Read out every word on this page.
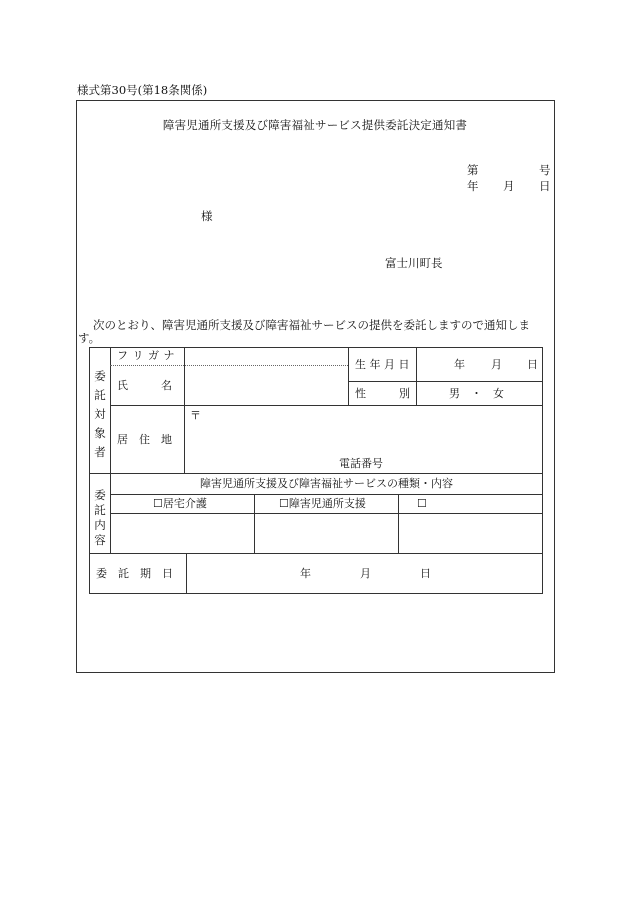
様式第30号(第18条関係)
障害児通所支援及び障害福祉サービス提供委託決定通知書
第	号
年 月 日
様
富士川町長
次のとおり、障害児通所支援及び障害福祉サービスの提供を委託しますので通知しま
す。
委
託
対
象
者
フ リ ガ ナ
氏　　　名
生 年 月 日	年 月 日
性　　　別	男　・　女
居　住　地
〒
電話番号
委
託
内
容
障害児通所支援及び障害福祉サービスの種類・内容
☐居宅介護	☐障害児通所支援	☐
委　託　期　日	年	月	日
